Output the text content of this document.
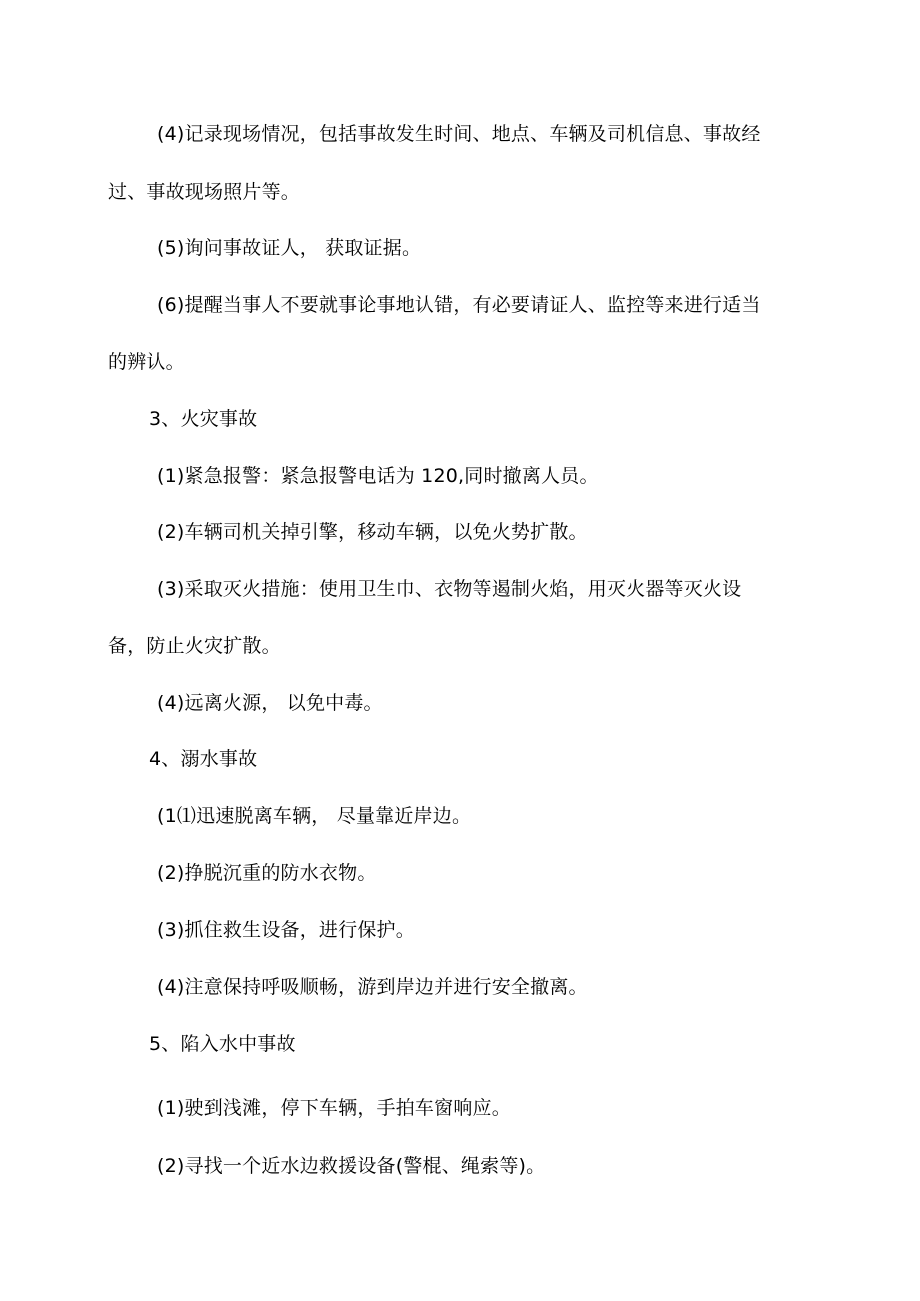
(4)记录现场情况，包括事故发生时间、地点、车辆及司机信息、事故经
过、事故现场照片等。
(5)询问事故证人， 获取证据。
(6)提醒当事人不要就事论事地认错，有必要请证人、监控等来进行适当
的辨认。
3、火灾事故
(1)紧急报警：紧急报警电话为 120,同时撤离人员。
(2)车辆司机关掉引擎，移动车辆，以免火势扩散。
(3)采取灭火措施：使用卫生巾、衣物等遏制火焰，用灭火器等灭火设
备，防止火灾扩散。
(4)远离火源， 以免中毒。
4、溺水事故
(1⑴迅速脱离车辆， 尽量靠近岸边。
(2)挣脱沉重的防水衣物。
(3)抓住救生设备，进行保护。
(4)注意保持呼吸顺畅，游到岸边并进行安全撤离。
5、陷入水中事故
(1)驶到浅滩，停下车辆，手拍车窗响应。
(2)寻找一个近水边救援设备(警棍、绳索等)。
